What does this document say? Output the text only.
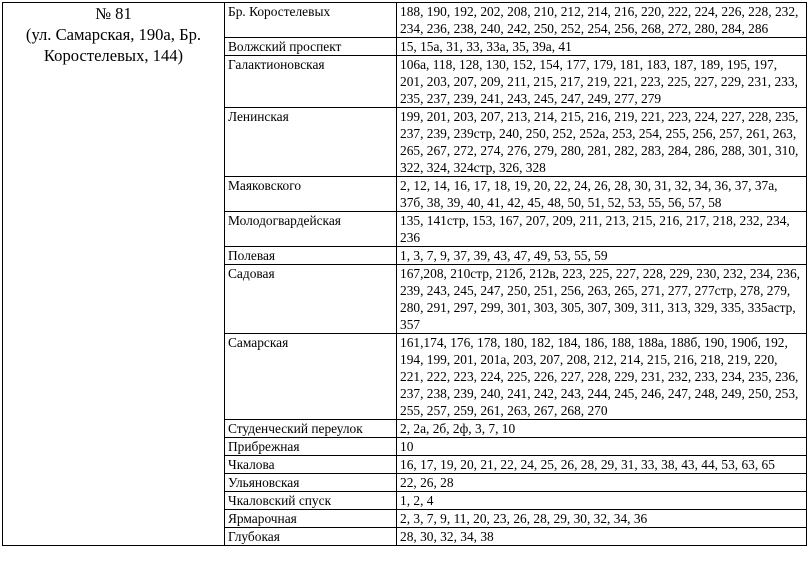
№ 81
(ул. Самарская, 190а, Бр. Коростелевых, 144)	Бр. Коростелевых	188, 190, 192, 202, 208, 210, 212, 214, 216, 220, 222, 224, 226, 228, 232, 234, 236, 238, 240, 242, 250, 252, 254, 256, 268, 272, 280, 284, 286
	Волжский проспект	15, 15а, 31, 33, 33а, 35, 39а, 41
	Галактионовская	106а, 118, 128, 130, 152, 154, 177, 179, 181, 183, 187, 189, 195, 197, 201, 203, 207, 209, 211, 215, 217, 219, 221, 223, 225, 227, 229, 231, 233, 235, 237, 239, 241, 243, 245, 247, 249, 277, 279
	Ленинская	199, 201, 203, 207, 213, 214, 215, 216, 219, 221, 223, 224, 227, 228, 235, 237, 239, 239стр, 240, 250, 252, 252а, 253, 254, 255, 256, 257, 261, 263, 265, 267, 272, 274, 276, 279, 280, 281, 282, 283, 284, 286, 288, 301, 310, 322, 324, 324стр, 326, 328
	Маяковского	2, 12, 14, 16, 17, 18, 19, 20, 22, 24, 26, 28, 30, 31, 32, 34, 36, 37, 37а, 37б, 38, 39, 40, 41, 42, 45, 48, 50, 51, 52, 53, 55, 56, 57, 58
	Молодогвардейская	135, 141стр, 153, 167, 207, 209, 211, 213, 215, 216, 217, 218, 232, 234, 236
	Полевая	1, 3, 7, 9, 37, 39, 43, 47, 49, 53, 55, 59
	Садовая	167,208, 210стр, 212б, 212в, 223, 225, 227, 228, 229, 230, 232, 234, 236, 239, 243, 245, 247, 250, 251, 256, 263, 265, 271, 277, 277стр, 278, 279, 280, 291, 297, 299, 301, 303, 305, 307, 309, 311, 313, 329, 335, 335астр, 357
	Самарская	161,174, 176, 178, 180, 182, 184, 186, 188, 188а, 188б, 190, 190б, 192, 194, 199, 201, 201а, 203, 207, 208, 212, 214, 215, 216, 218, 219, 220, 221, 222, 223, 224, 225, 226, 227, 228, 229, 231, 232, 233, 234, 235, 236, 237, 238, 239, 240, 241, 242, 243, 244, 245, 246, 247, 248, 249, 250, 253, 255, 257, 259, 261, 263, 267, 268, 270
	Студенческий переулок	2, 2а, 2б, 2ф, 3, 7, 10
	Прибрежная	10
	Чкалова	16, 17, 19, 20, 21, 22, 24, 25, 26, 28, 29, 31, 33, 38, 43, 44, 53, 63, 65
	Ульяновская	22, 26, 28
	Чкаловский спуск	1, 2, 4
	Ярмарочная	2, 3, 7, 9, 11, 20, 23, 26, 28, 29, 30, 32, 34, 36
	Глубокая	28, 30, 32, 34, 38
